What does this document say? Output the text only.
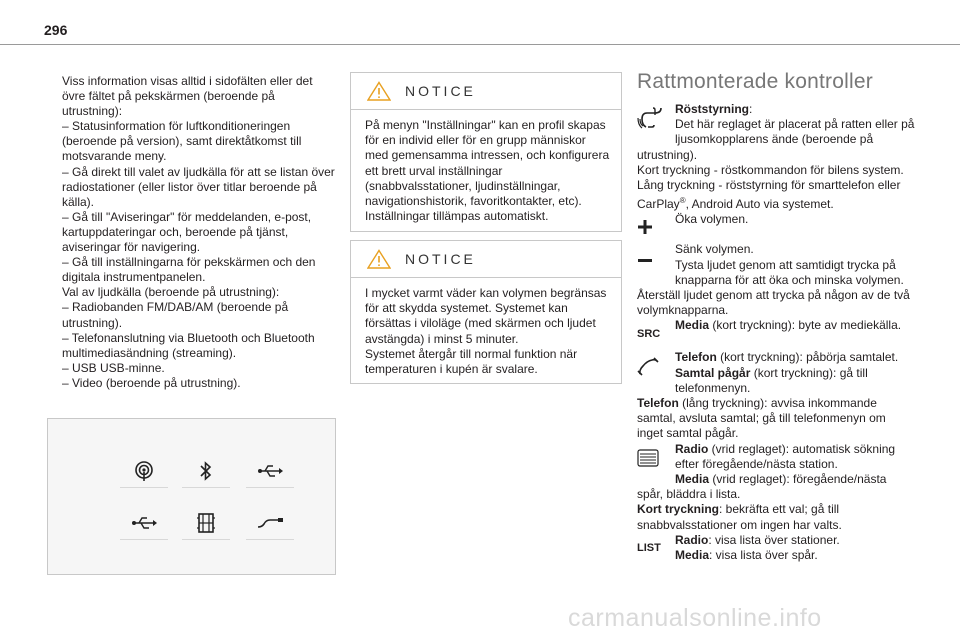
296

Viss information visas alltid i sidofälten eller det övre fältet på pekskärmen (beroende på utrustning):

– Statusinformation för luftkonditioneringen (beroende på version), samt direktåtkomst till motsvarande meny.

– Gå direkt till valet av ljudkälla för att se listan över radiostationer (eller listor över titlar beroende på källa).

– Gå till "Aviseringar" för meddelanden, e-post, kartuppdateringar och, beroende på tjänst, aviseringar för navigering.

– Gå till inställningarna för pekskärmen och den digitala instrumentpanelen.

Val av ljudkälla (beroende på utrustning):

– Radiobanden FM/DAB/AM (beroende på utrustning).

– Telefonanslutning via Bluetooth och Bluetooth multimediasändning (streaming).

– USB USB-minne.

– Video (beroende på utrustning).

NOTICE

På menyn "Inställningar" kan en profil skapas för en individ eller för en grupp människor med gemensamma intressen, och konfigurera ett brett urval inställningar (snabbvalsstationer, ljudinställningar, navigationshistorik, favoritkontakter, etc). Inställningar tillämpas automatiskt.

NOTICE

I mycket varmt väder kan volymen begränsas för att skydda systemet. Systemet kan försättas i viloläge (med skärmen och ljudet avstängda) i minst 5 minuter.

Systemet återgår till normal funktion när temperaturen i kupén är svalare.

Rattmonterade kontroller

Röststyrning:
Det här reglaget är placerat på ratten eller på ljusomkopplarens ände (beroende på utrustning).

Kort tryckning - röstkommandon för bilens system.

Lång tryckning - röststyrning för smarttelefon eller CarPlay®, Android Auto via systemet.

Öka volymen.

Sänk volymen.

Tysta ljudet genom att samtidigt trycka på knapparna för att öka och minska volymen.

Återställ ljudet genom att trycka på någon av de två volymknapparna.

SRC

Media (kort tryckning): byte av mediekälla.

Telefon (kort tryckning): påbörja samtalet.

Samtal pågår (kort tryckning): gå till telefonmenyn.

Telefon (lång tryckning): avvisa inkommande samtal, avsluta samtal; gå till telefonmenyn om inget samtal pågår.

Radio (vrid reglaget): automatisk sökning efter föregående/nästa station.

Media (vrid reglaget): föregående/nästa spår, bläddra i lista.

Kort tryckning: bekräfta ett val; gå till snabbvalsstationer om ingen har valts.

LIST

Radio: visa lista över stationer.

Media: visa lista över spår.

carmanualsonline.info
